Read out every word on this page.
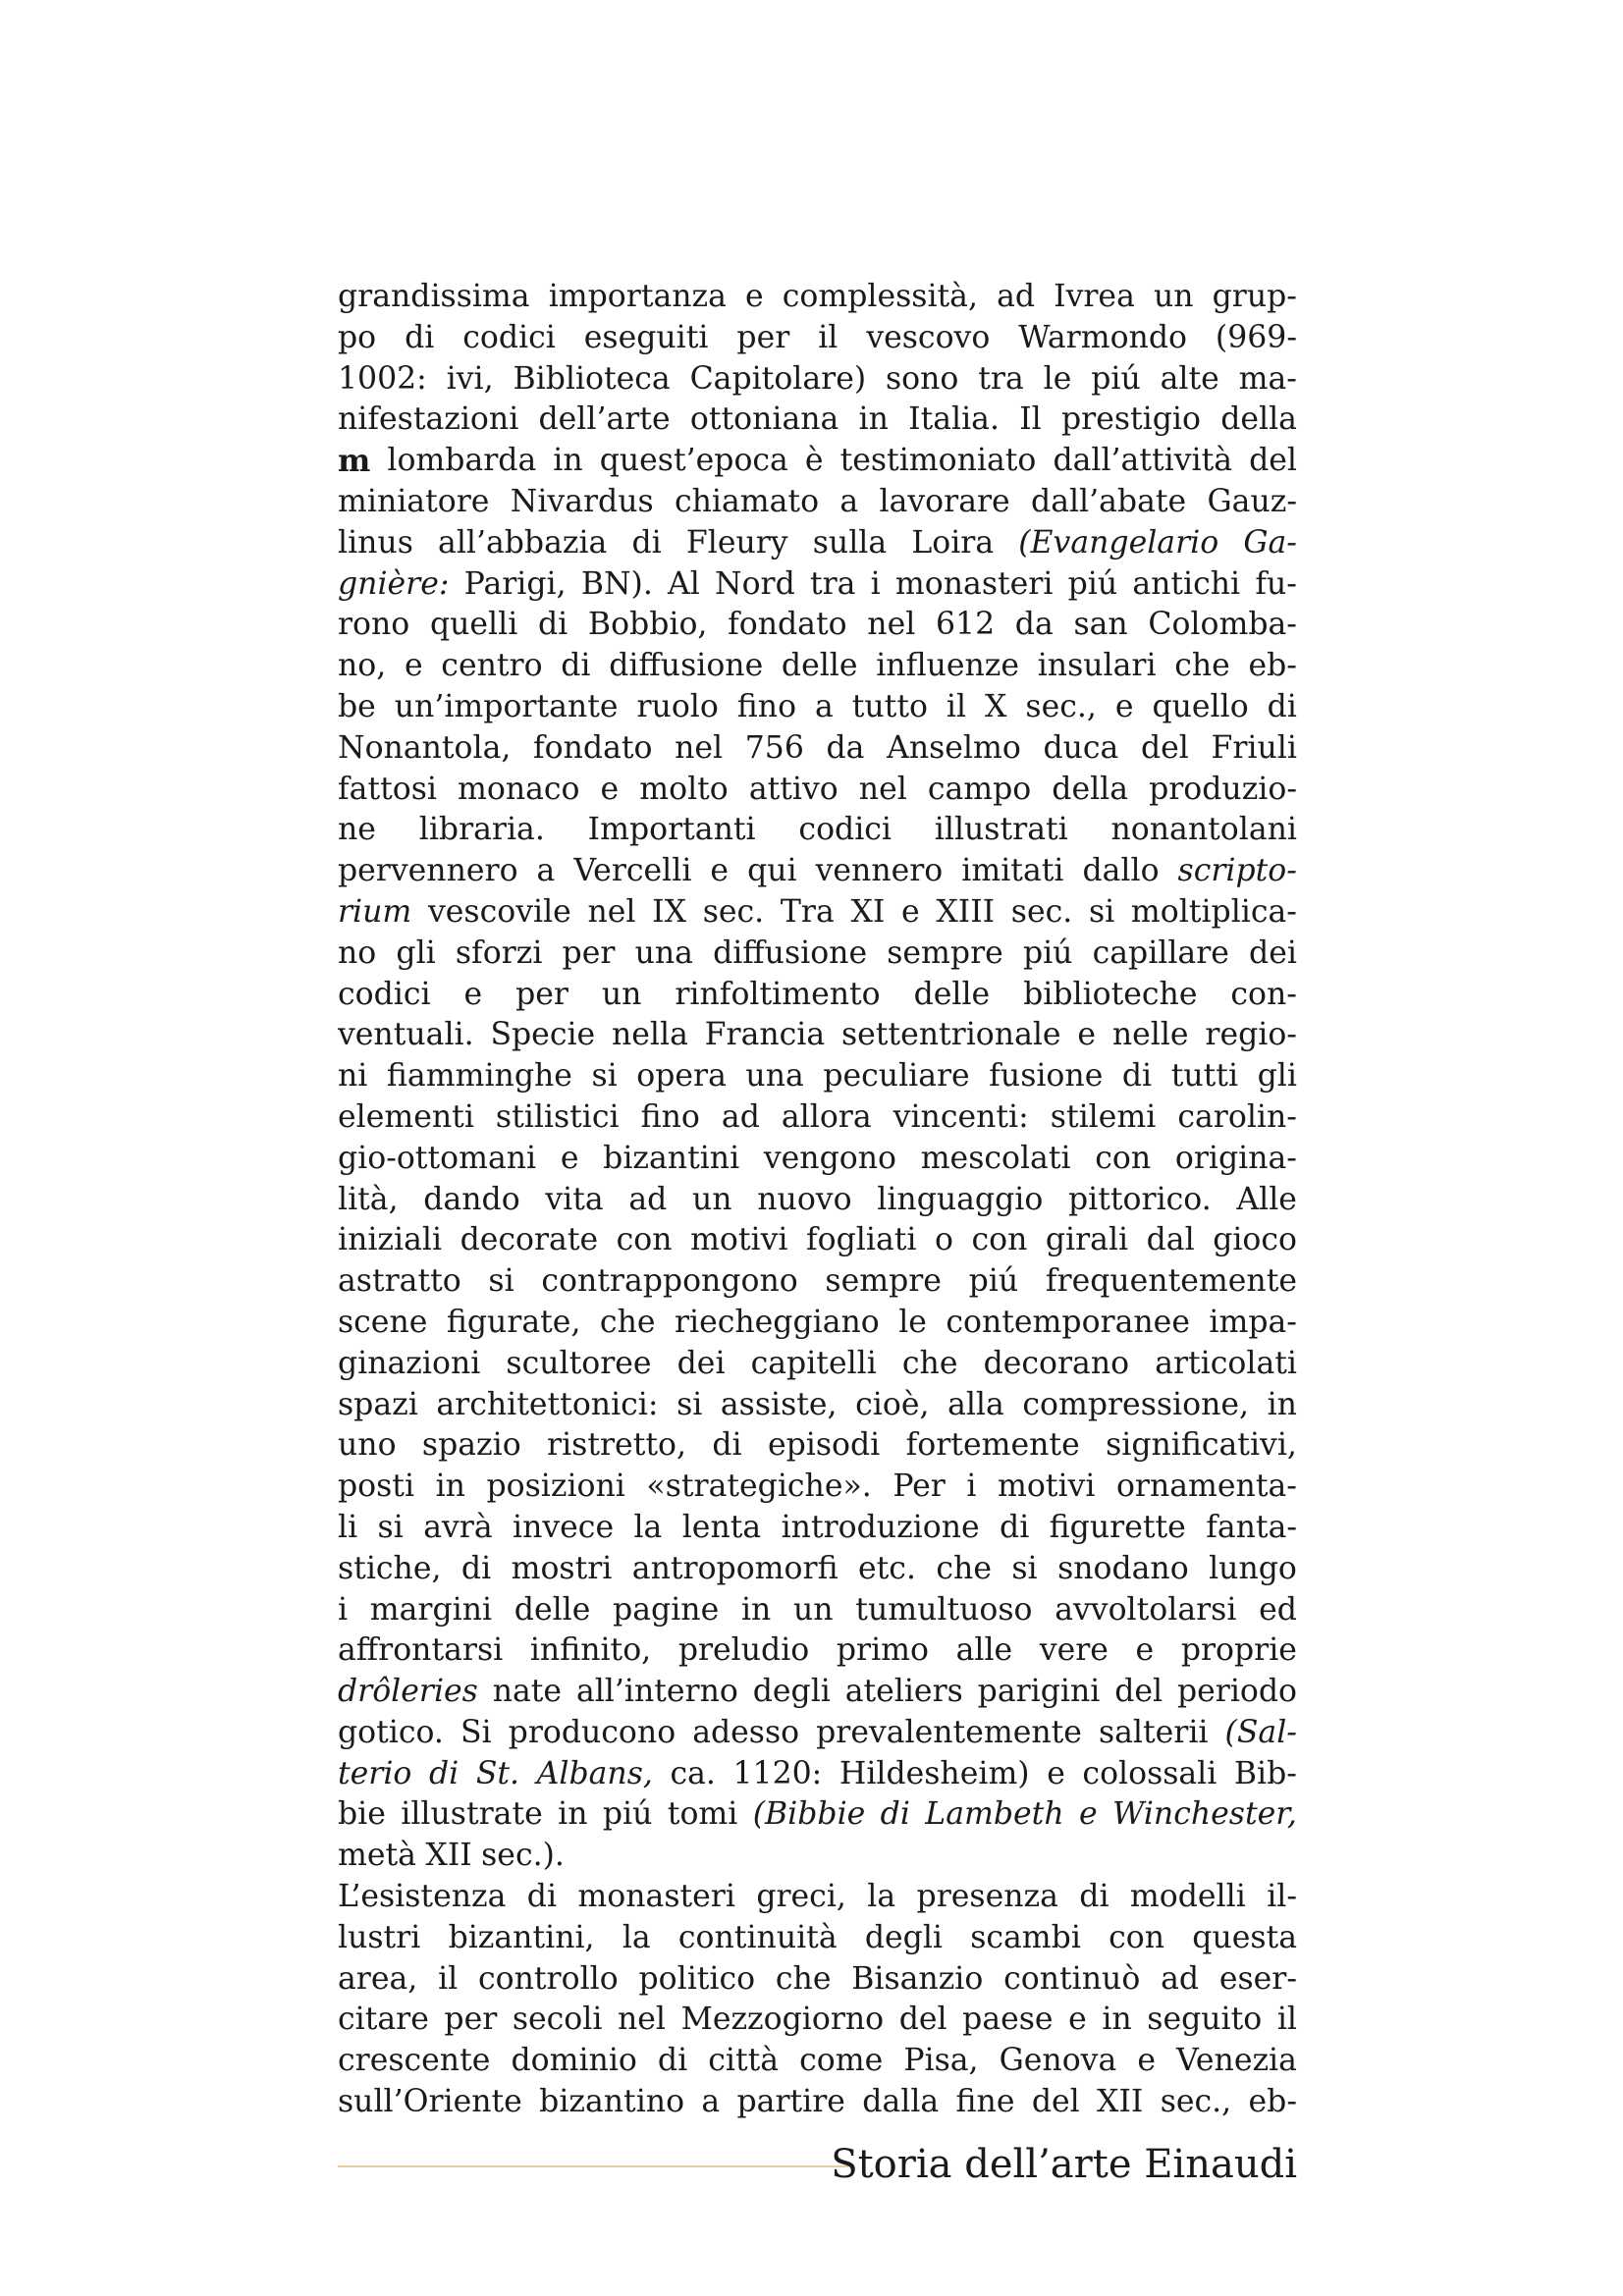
grandissima importanza e complessità, ad Ivrea un grup-
po di codici eseguiti per il vescovo Warmondo (969-
1002: ivi, Biblioteca Capitolare) sono tra le piú alte ma-
nifestazioni dell’arte ottoniana in Italia. Il prestigio della
m lombarda in quest’epoca è testimoniato dall’attività del
miniatore Nivardus chiamato a lavorare dall’abate Gauz-
linus all’abbazia di Fleury sulla Loira (Evangelario Ga-
gnière: Parigi, BN). Al Nord tra i monasteri piú antichi fu-
rono quelli di Bobbio, fondato nel 612 da san Colomba-
no, e centro di diffusione delle influenze insulari che eb-
be un’importante ruolo fino a tutto il X sec., e quello di
Nonantola, fondato nel 756 da Anselmo duca del Friuli
fattosi monaco e molto attivo nel campo della produzio-
ne libraria. Importanti codici illustrati nonantolani
pervennero a Vercelli e qui vennero imitati dallo scripto-
rium vescovile nel IX sec. Tra XI e XIII sec. si moltiplica-
no gli sforzi per una diffusione sempre piú capillare dei
codici e per un rinfoltimento delle biblioteche con-
ventuali. Specie nella Francia settentrionale e nelle regio-
ni fiamminghe si opera una peculiare fusione di tutti gli
elementi stilistici fino ad allora vincenti: stilemi carolin-
gio-ottomani e bizantini vengono mescolati con origina-
lità, dando vita ad un nuovo linguaggio pittorico. Alle
iniziali decorate con motivi fogliati o con girali dal gioco
astratto si contrappongono sempre piú frequentemente
scene figurate, che riecheggiano le contemporanee impa-
ginazioni scultoree dei capitelli che decorano articolati
spazi architettonici: si assiste, cioè, alla compressione, in
uno spazio ristretto, di episodi fortemente significativi,
posti in posizioni «strategiche». Per i motivi ornamenta-
li si avrà invece la lenta introduzione di figurette fanta-
stiche, di mostri antropomorfi etc. che si snodano lungo
i margini delle pagine in un tumultuoso avvoltolarsi ed
affrontarsi infinito, preludio primo alle vere e proprie
drôleries nate all’interno degli ateliers parigini del periodo
gotico. Si producono adesso prevalentemente salterii (Sal-
terio di St. Albans, ca. 1120: Hildesheim) e colossali Bib-
bie illustrate in piú tomi (Bibbie di Lambeth e Winchester,
metà XII sec.).
L’esistenza di monasteri greci, la presenza di modelli il-
lustri bizantini, la continuità degli scambi con questa
area, il controllo politico che Bisanzio continuò ad eser-
citare per secoli nel Mezzogiorno del paese e in seguito il
crescente dominio di città come Pisa, Genova e Venezia
sull’Oriente bizantino a partire dalla fine del XII sec., eb-
Storia dell’arte Einaudi
